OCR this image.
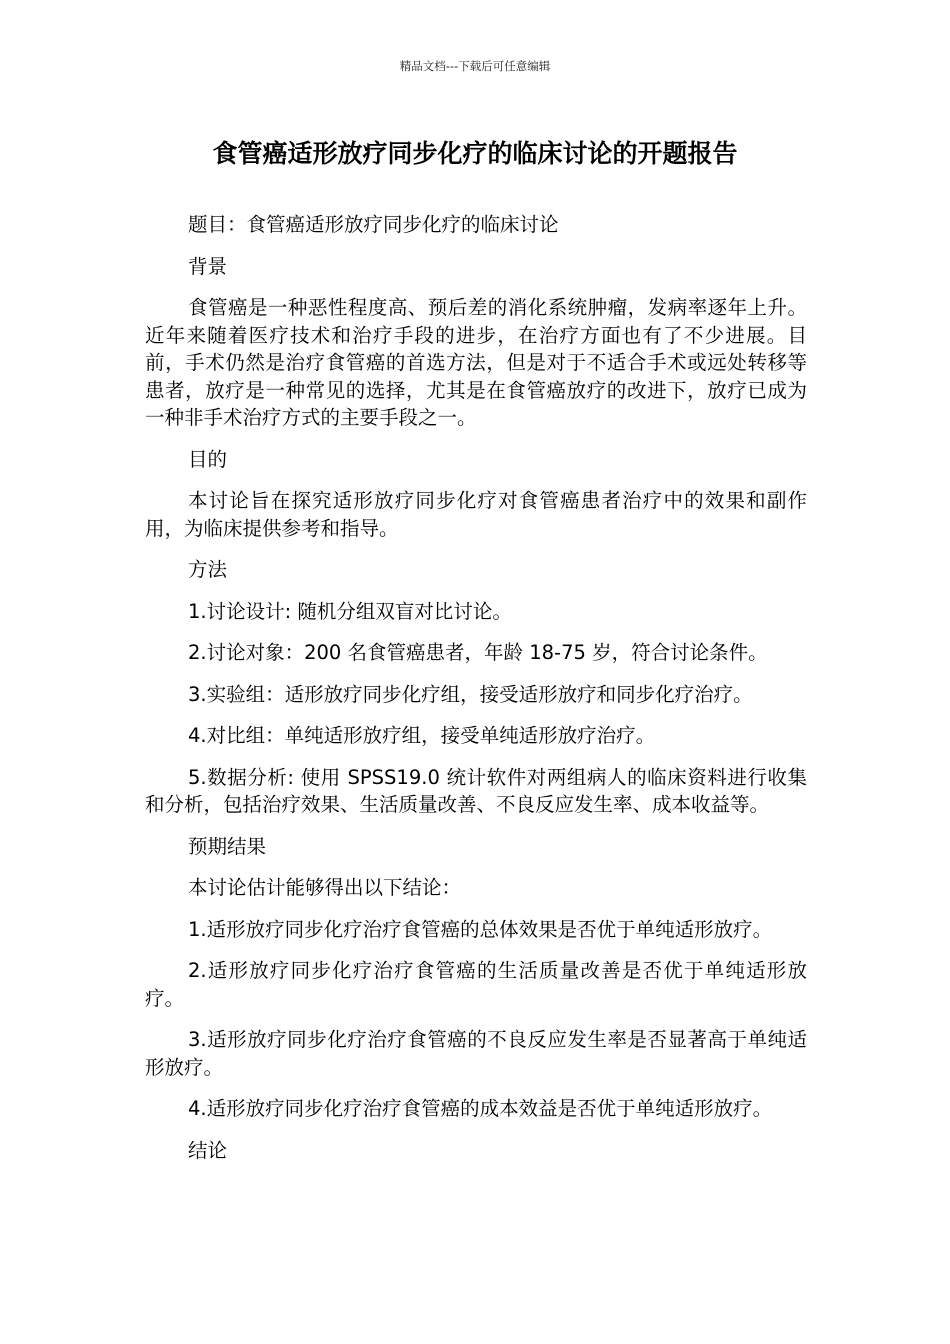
精品文档---下载后可任意编辑
食管癌适形放疗同步化疗的临床讨论的开题报告

题目：食管癌适形放疗同步化疗的临床讨论

背景

食管癌是一种恶性程度高、预后差的消化系统肿瘤，发病率逐年上升。近年来随着医疗技术和治疗手段的进步，在治疗方面也有了不少进展。目前，手术仍然是治疗食管癌的首选方法，但是对于不适合手术或远处转移等患者，放疗是一种常见的选择，尤其是在食管癌放疗的改进下，放疗已成为一种非手术治疗方式的主要手段之一。

目的

本讨论旨在探究适形放疗同步化疗对食管癌患者治疗中的效果和副作用，为临床提供参考和指导。

方法

1.讨论设计: 随机分组双盲对比讨论。

2.讨论对象：200 名食管癌患者，年龄 18-75 岁，符合讨论条件。

3.实验组：适形放疗同步化疗组，接受适形放疗和同步化疗治疗。

4.对比组：单纯适形放疗组，接受单纯适形放疗治疗。

5.数据分析: 使用 SPSS19.0 统计软件对两组病人的临床资料进行收集和分析，包括治疗效果、生活质量改善、不良反应发生率、成本收益等。

预期结果

本讨论估计能够得出以下结论：

1.适形放疗同步化疗治疗食管癌的总体效果是否优于单纯适形放疗。

2.适形放疗同步化疗治疗食管癌的生活质量改善是否优于单纯适形放疗。

3.适形放疗同步化疗治疗食管癌的不良反应发生率是否显著高于单纯适形放疗。

4.适形放疗同步化疗治疗食管癌的成本效益是否优于单纯适形放疗。

结论
